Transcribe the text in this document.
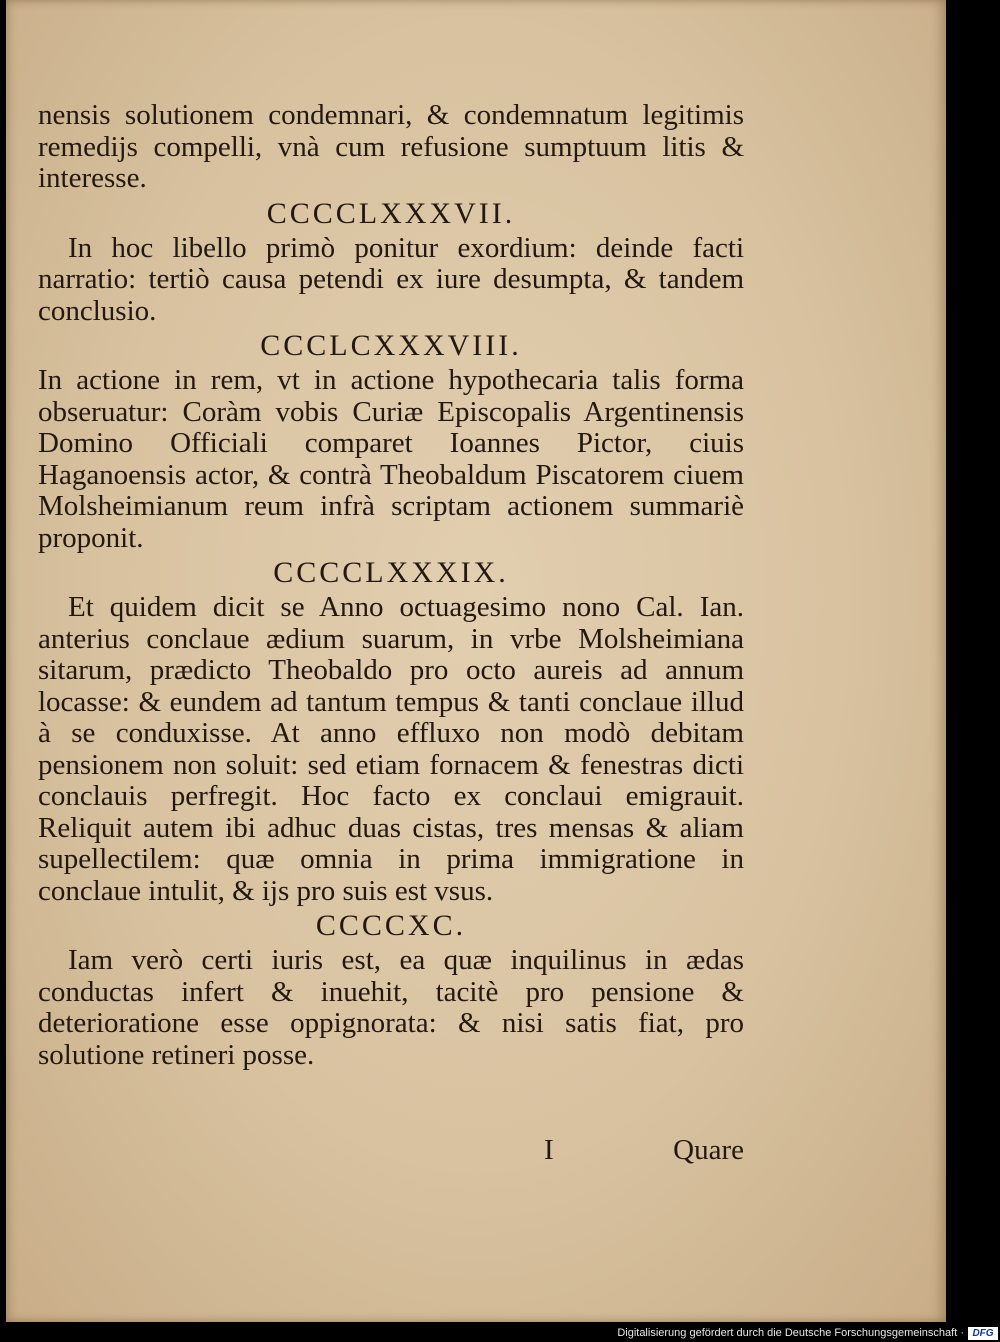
nensis solutionem condemnari, & condemnatum legitimis remedijs compelli, vnà cum refusione sumptuum litis & interesse.

CCCCLXXXVII.

In hoc libello primò ponitur exordium: deinde facti narratio: tertiò causa petendi ex iure desumpta, & tandem conclusio.

CCCLCXXXVIII.

In actione in rem, vt in actione hypothecaria talis forma obseruatur: Coràm vobis Curiæ Episcopalis Argentinensis Domino Officiali comparet Ioannes Pictor, ciuis Haganoensis actor, & contrà Theobaldum Piscatorem ciuem Molsheimianum reum infrà scriptam actionem summariè proponit.

CCCCLXXXIX.

Et quidem dicit se Anno octuagesimo nono Cal. Ian. anterius conclaue ædium suarum, in vrbe Molsheimiana sitarum, prædicto Theobaldo pro octo aureis ad annum locasse: & eundem ad tantum tempus & tanti conclaue illud à se conduxisse. At anno effluxo non modò debitam pensionem non soluit: sed etiam fornacem & fenestras dicti conclauis perfregit. Hoc facto ex conclaui emigrauit. Reliquit autem ibi adhuc duas cistas, tres mensas & aliam supellectilem: quæ omnia in prima immigratione in conclaue intulit, & ijs pro suis est vsus.

CCCCXC.

Iam verò certi iuris est, ea quæ inquilinus in ædas conductas infert & inuehit, tacitè pro pensione & deterioratione esse oppignorata: & nisi satis fiat, pro solutione retineri posse.

I	Quare
Digitalisierung gefördert durch die Deutsche Forschungsgemeinschaft · DFG
